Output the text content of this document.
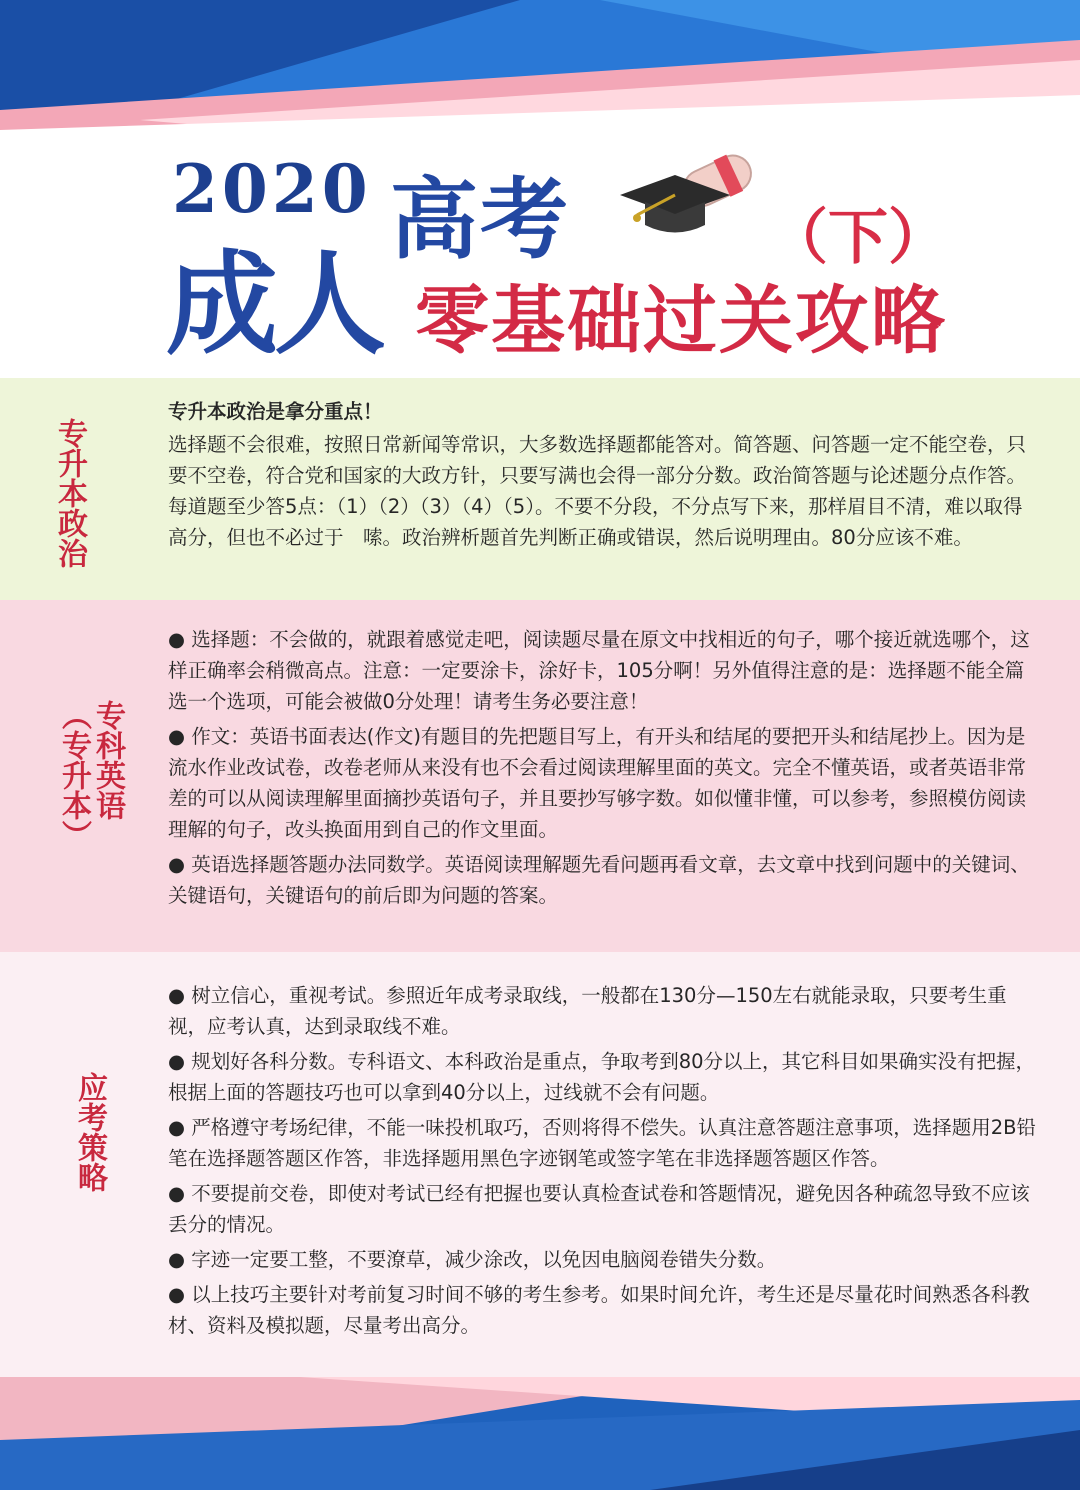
2020
成人
高考	（下）
零基础过关攻略
专升本政治

专升本政治是拿分重点！

选择题不会很难，按照日常新闻等常识，大多数选择题都能答对。简答题、问答题一定不能空卷，只要不空卷，符合党和国家的大政方针，只要写满也会得一部分分数。政治简答题与论述题分点作答。每道题至少答5点：（1）（2）（3）（4）（5）。不要不分段，不分点写下来，那样眉目不清，难以取得高分，但也不必过于　嗦。政治辨析题首先判断正确或错误，然后说明理由。80分应该不难。

专科英语（专升本）

● 选择题：不会做的，就跟着感觉走吧，阅读题尽量在原文中找相近的句子，哪个接近就选哪个，这样正确率会稍微高点。注意：一定要涂卡，涂好卡，105分啊！另外值得注意的是：选择题不能全篇选一个选项，可能会被做0分处理！请考生务必要注意！

● 作文：英语书面表达(作文)有题目的先把题目写上，有开头和结尾的要把开头和结尾抄上。因为是流水作业改试卷，改卷老师从来没有也不会看过阅读理解里面的英文。完全不懂英语，或者英语非常差的可以从阅读理解里面摘抄英语句子，并且要抄写够字数。如似懂非懂，可以参考，参照模仿阅读理解的句子，改头换面用到自己的作文里面。

● 英语选择题答题办法同数学。英语阅读理解题先看问题再看文章，去文章中找到问题中的关键词、关键语句，关键语句的前后即为问题的答案。

应考策略

● 树立信心，重视考试。参照近年成考录取线，一般都在130分—150左右就能录取，只要考生重视，应考认真，达到录取线不难。

● 规划好各科分数。专科语文、本科政治是重点，争取考到80分以上，其它科目如果确实没有把握，根据上面的答题技巧也可以拿到40分以上，过线就不会有问题。

● 严格遵守考场纪律，不能一味投机取巧，否则将得不偿失。认真注意答题注意事项，选择题用2B铅笔在选择题答题区作答，非选择题用黑色字迹钢笔或签字笔在非选择题答题区作答。

● 不要提前交卷，即使对考试已经有把握也要认真检查试卷和答题情况，避免因各种疏忽导致不应该丢分的情况。

● 字迹一定要工整，不要潦草，减少涂改，以免因电脑阅卷错失分数。

● 以上技巧主要针对考前复习时间不够的考生参考。如果时间允许，考生还是尽量花时间熟悉各科教材、资料及模拟题，尽量考出高分。
